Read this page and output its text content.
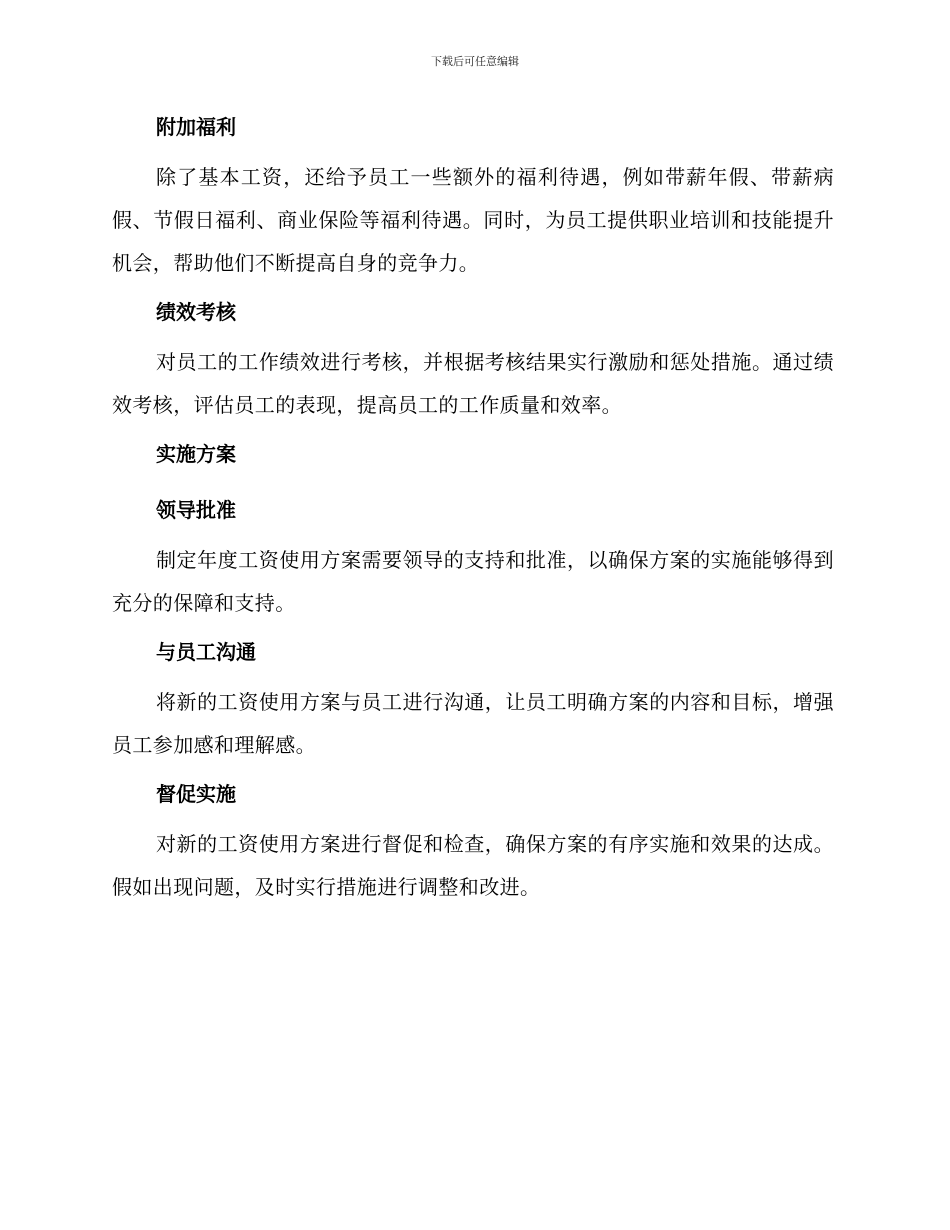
下载后可任意编辑
附加福利

除了基本工资，还给予员工一些额外的福利待遇，例如带薪年假、带薪病假、节假日福利、商业保险等福利待遇。同时，为员工提供职业培训和技能提升机会，帮助他们不断提高自身的竞争力。

绩效考核

对员工的工作绩效进行考核，并根据考核结果实行激励和惩处措施。通过绩效考核，评估员工的表现，提高员工的工作质量和效率。

实施方案
领导批准

制定年度工资使用方案需要领导的支持和批准，以确保方案的实施能够得到充分的保障和支持。

与员工沟通

将新的工资使用方案与员工进行沟通，让员工明确方案的内容和目标，增强员工参加感和理解感。

督促实施

对新的工资使用方案进行督促和检查，确保方案的有序实施和效果的达成。假如出现问题，及时实行措施进行调整和改进。
